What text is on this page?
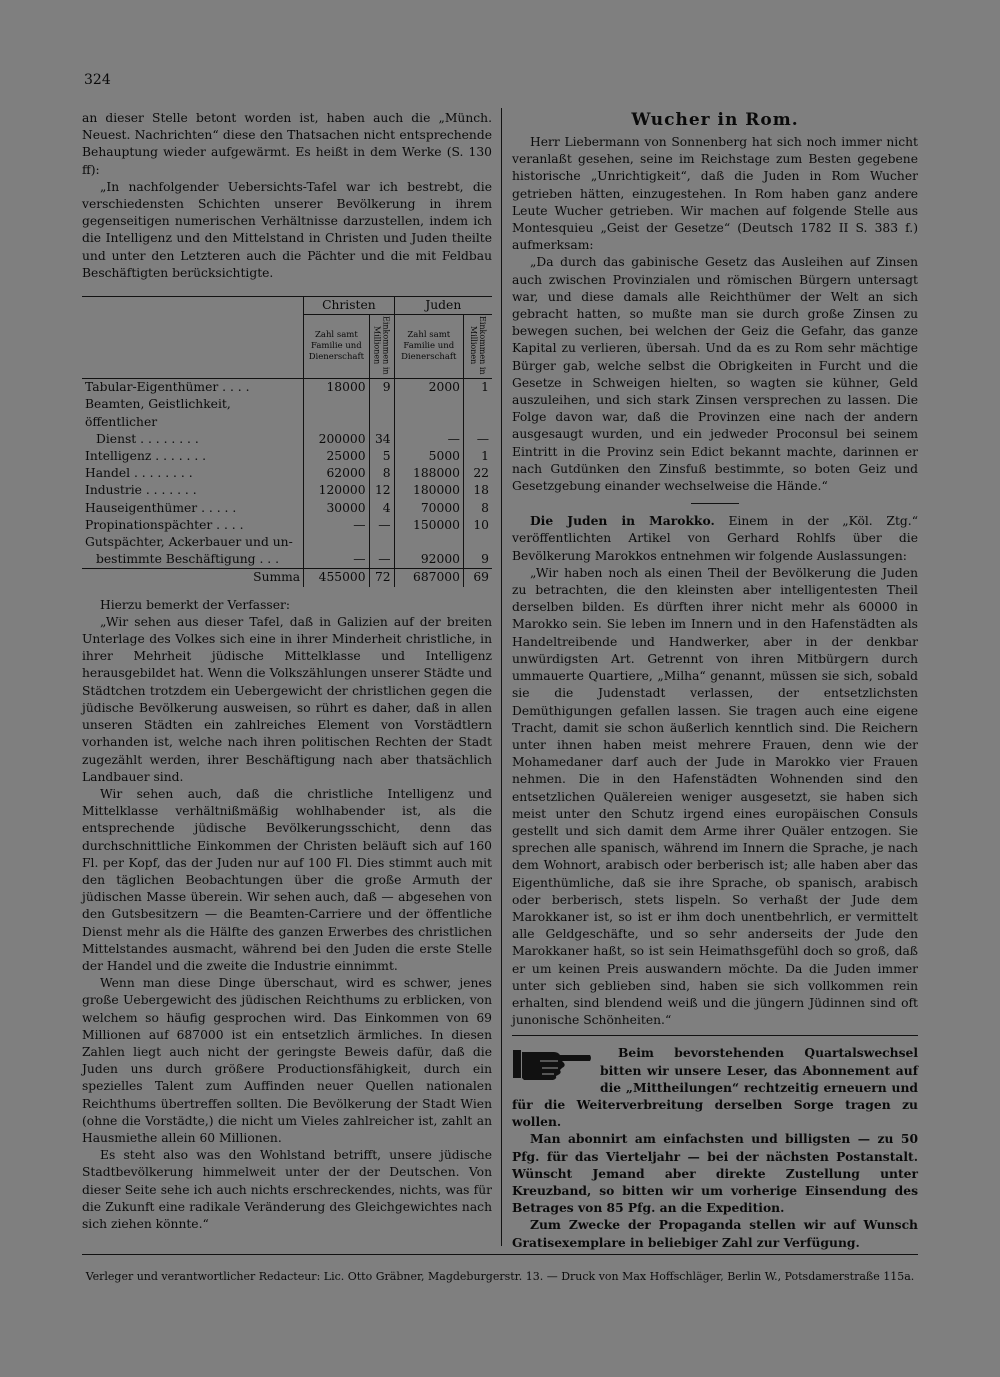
324

an dieser Stelle betont worden ist, haben auch die „Münch. Neuest. Nachrichten“ diese den Thatsachen nicht entsprechende Behauptung wieder aufgewärmt. Es heißt in dem Werke (S. 130 ff):

„In nachfolgender Uebersichts-Tafel war ich bestrebt, die verschiedensten Schichten unserer Bevölkerung in ihrem gegenseitigen numerischen Verhältnisse darzustellen, indem ich die Intelligenz und den Mittelstand in Christen und Juden theilte und unter den Letzteren auch die Pächter und die mit Feldbau Beschäftigten berücksichtigte.

	Christen		Juden	
	Zahl samt Familie und Dienerschaft	Einkommen in Millionen	Zahl samt Familie und Dienerschaft	Einkommen in Millionen
Tabular-Eigenthümer . . . .	18000	9	2000	1
Beamten, Geistlichkeit, öffentlicher				
Dienst . . . . . . . .	200000	34	—	—
Intelligenz . . . . . . .	25000	5	5000	1
Handel . . . . . . . .	62000	8	188000	22
Industrie . . . . . . .	120000	12	180000	18
Hauseigenthümer . . . . .	30000	4	70000	8
Propinationspächter . . . .	—	—	150000	10
Gutspächter, Ackerbauer und un-				
bestimmte Beschäftigung . . .	—	—	92000	9
Summa	455000	72	687000	69

Hierzu bemerkt der Verfasser:

„Wir sehen aus dieser Tafel, daß in Galizien auf der breiten Unterlage des Volkes sich eine in ihrer Minderheit christliche, in ihrer Mehrheit jüdische Mittelklasse und Intelligenz herausgebildet hat. Wenn die Volkszählungen unserer Städte und Städtchen trotzdem ein Uebergewicht der christlichen gegen die jüdische Bevölkerung ausweisen, so rührt es daher, daß in allen unseren Städten ein zahlreiches Element von Vorstädtlern vorhanden ist, welche nach ihren politischen Rechten der Stadt zugezählt werden, ihrer Beschäftigung nach aber thatsächlich Landbauer sind.

Wir sehen auch, daß die christliche Intelligenz und Mittelklasse verhältnißmäßig wohlhabender ist, als die entsprechende jüdische Bevölkerungsschicht, denn das durchschnittliche Einkommen der Christen beläuft sich auf 160 Fl. per Kopf, das der Juden nur auf 100 Fl. Dies stimmt auch mit den täglichen Beobachtungen über die große Armuth der jüdischen Masse überein. Wir sehen auch, daß — abgesehen von den Gutsbesitzern — die Beamten-Carriere und der öffentliche Dienst mehr als die Hälfte des ganzen Erwerbes des christlichen Mittelstandes ausmacht, während bei den Juden die erste Stelle der Handel und die zweite die Industrie einnimmt.

Wenn man diese Dinge überschaut, wird es schwer, jenes große Uebergewicht des jüdischen Reichthums zu erblicken, von welchem so häufig gesprochen wird. Das Einkommen von 69 Millionen auf 687000 ist ein entsetzlich ärmliches. In diesen Zahlen liegt auch nicht der geringste Beweis dafür, daß die Juden uns durch größere Productionsfähigkeit, durch ein spezielles Talent zum Auffinden neuer Quellen nationalen Reichthums übertreffen sollten. Die Bevölkerung der Stadt Wien (ohne die Vorstädte,) die nicht um Vieles zahlreicher ist, zahlt an Hausmiethe allein 60 Millionen.

Es steht also was den Wohlstand betrifft, unsere jüdische Stadtbevölkerung himmelweit unter der der Deutschen. Von dieser Seite sehe ich auch nichts erschreckendes, nichts, was für die Zukunft eine radikale Veränderung des Gleichgewichtes nach sich ziehen könnte.“

Wucher in Rom.

Herr Liebermann von Sonnenberg hat sich noch immer nicht veranlaßt gesehen, seine im Reichstage zum Besten gegebene historische „Unrichtigkeit“, daß die Juden in Rom Wucher getrieben hätten, einzugestehen. In Rom haben ganz andere Leute Wucher getrieben. Wir machen auf folgende Stelle aus Montesquieu „Geist der Gesetze“ (Deutsch 1782 II S. 383 f.) aufmerksam:

„Da durch das gabinische Gesetz das Ausleihen auf Zinsen auch zwischen Provinzialen und römischen Bürgern untersagt war, und diese damals alle Reichthümer der Welt an sich gebracht hatten, so mußte man sie durch große Zinsen zu bewegen suchen, bei welchen der Geiz die Gefahr, das ganze Kapital zu verlieren, übersah. Und da es zu Rom sehr mächtige Bürger gab, welche selbst die Obrigkeiten in Furcht und die Gesetze in Schweigen hielten, so wagten sie kühner, Geld auszuleihen, und sich stark Zinsen versprechen zu lassen. Die Folge davon war, daß die Provinzen eine nach der andern ausgesaugt wurden, und ein jedweder Proconsul bei seinem Eintritt in die Provinz sein Edict bekannt machte, darinnen er nach Gutdünken den Zinsfuß bestimmte, so boten Geiz und Gesetzgebung einander wechselweise die Hände.“

Die Juden in Marokko. Einem in der „Köl. Ztg.“ veröffentlichten Artikel von Gerhard Rohlfs über die Bevölkerung Marokkos entnehmen wir folgende Auslassungen:

„Wir haben noch als einen Theil der Bevölkerung die Juden zu betrachten, die den kleinsten aber intelligentesten Theil derselben bilden. Es dürften ihrer nicht mehr als 60000 in Marokko sein. Sie leben im Innern und in den Hafenstädten als Handeltreibende und Handwerker, aber in der denkbar unwürdigsten Art. Getrennt von ihren Mitbürgern durch ummauerte Quartiere, „Milha“ genannt, müssen sie sich, sobald sie die Judenstadt verlassen, der entsetzlichsten Demüthigungen gefallen lassen. Sie tragen auch eine eigene Tracht, damit sie schon äußerlich kenntlich sind. Die Reichern unter ihnen haben meist mehrere Frauen, denn wie der Mohamedaner darf auch der Jude in Marokko vier Frauen nehmen. Die in den Hafenstädten Wohnenden sind den entsetzlichen Quälereien weniger ausgesetzt, sie haben sich meist unter den Schutz irgend eines europäischen Consuls gestellt und sich damit dem Arme ihrer Quäler entzogen. Sie sprechen alle spanisch, während im Innern die Sprache, je nach dem Wohnort, arabisch oder berberisch ist; alle haben aber das Eigenthümliche, daß sie ihre Sprache, ob spanisch, arabisch oder berberisch, stets lispeln. So verhaßt der Jude dem Marokkaner ist, so ist er ihm doch unentbehrlich, er vermittelt alle Geldgeschäfte, und so sehr anderseits der Jude den Marokkaner haßt, so ist sein Heimathsgefühl doch so groß, daß er um keinen Preis auswandern möchte. Da die Juden immer unter sich geblieben sind, haben sie sich vollkommen rein erhalten, sind blendend weiß und die jüngern Jüdinnen sind oft junonische Schönheiten.“

Beim bevorstehenden Quartalswechsel bitten wir unsere Leser, das Abonnement auf die „Mittheilungen“ rechtzeitig erneuern und für die Weiterverbreitung derselben Sorge tragen zu wollen.

Man abonnirt am einfachsten und billigsten — zu 50 Pfg. für das Vierteljahr — bei der nächsten Postanstalt. Wünscht Jemand aber direkte Zustellung unter Kreuzband, so bitten wir um vorherige Einsendung des Betrages von 85 Pfg. an die Expedition.

Zum Zwecke der Propaganda stellen wir auf Wunsch Gratisexemplare in beliebiger Zahl zur Verfügung.

Verleger und verantwortlicher Redacteur: Lic. Otto Gräbner, Magdeburgerstr. 13. — Druck von Max Hoffschläger, Berlin W., Potsdamerstraße 115a.
